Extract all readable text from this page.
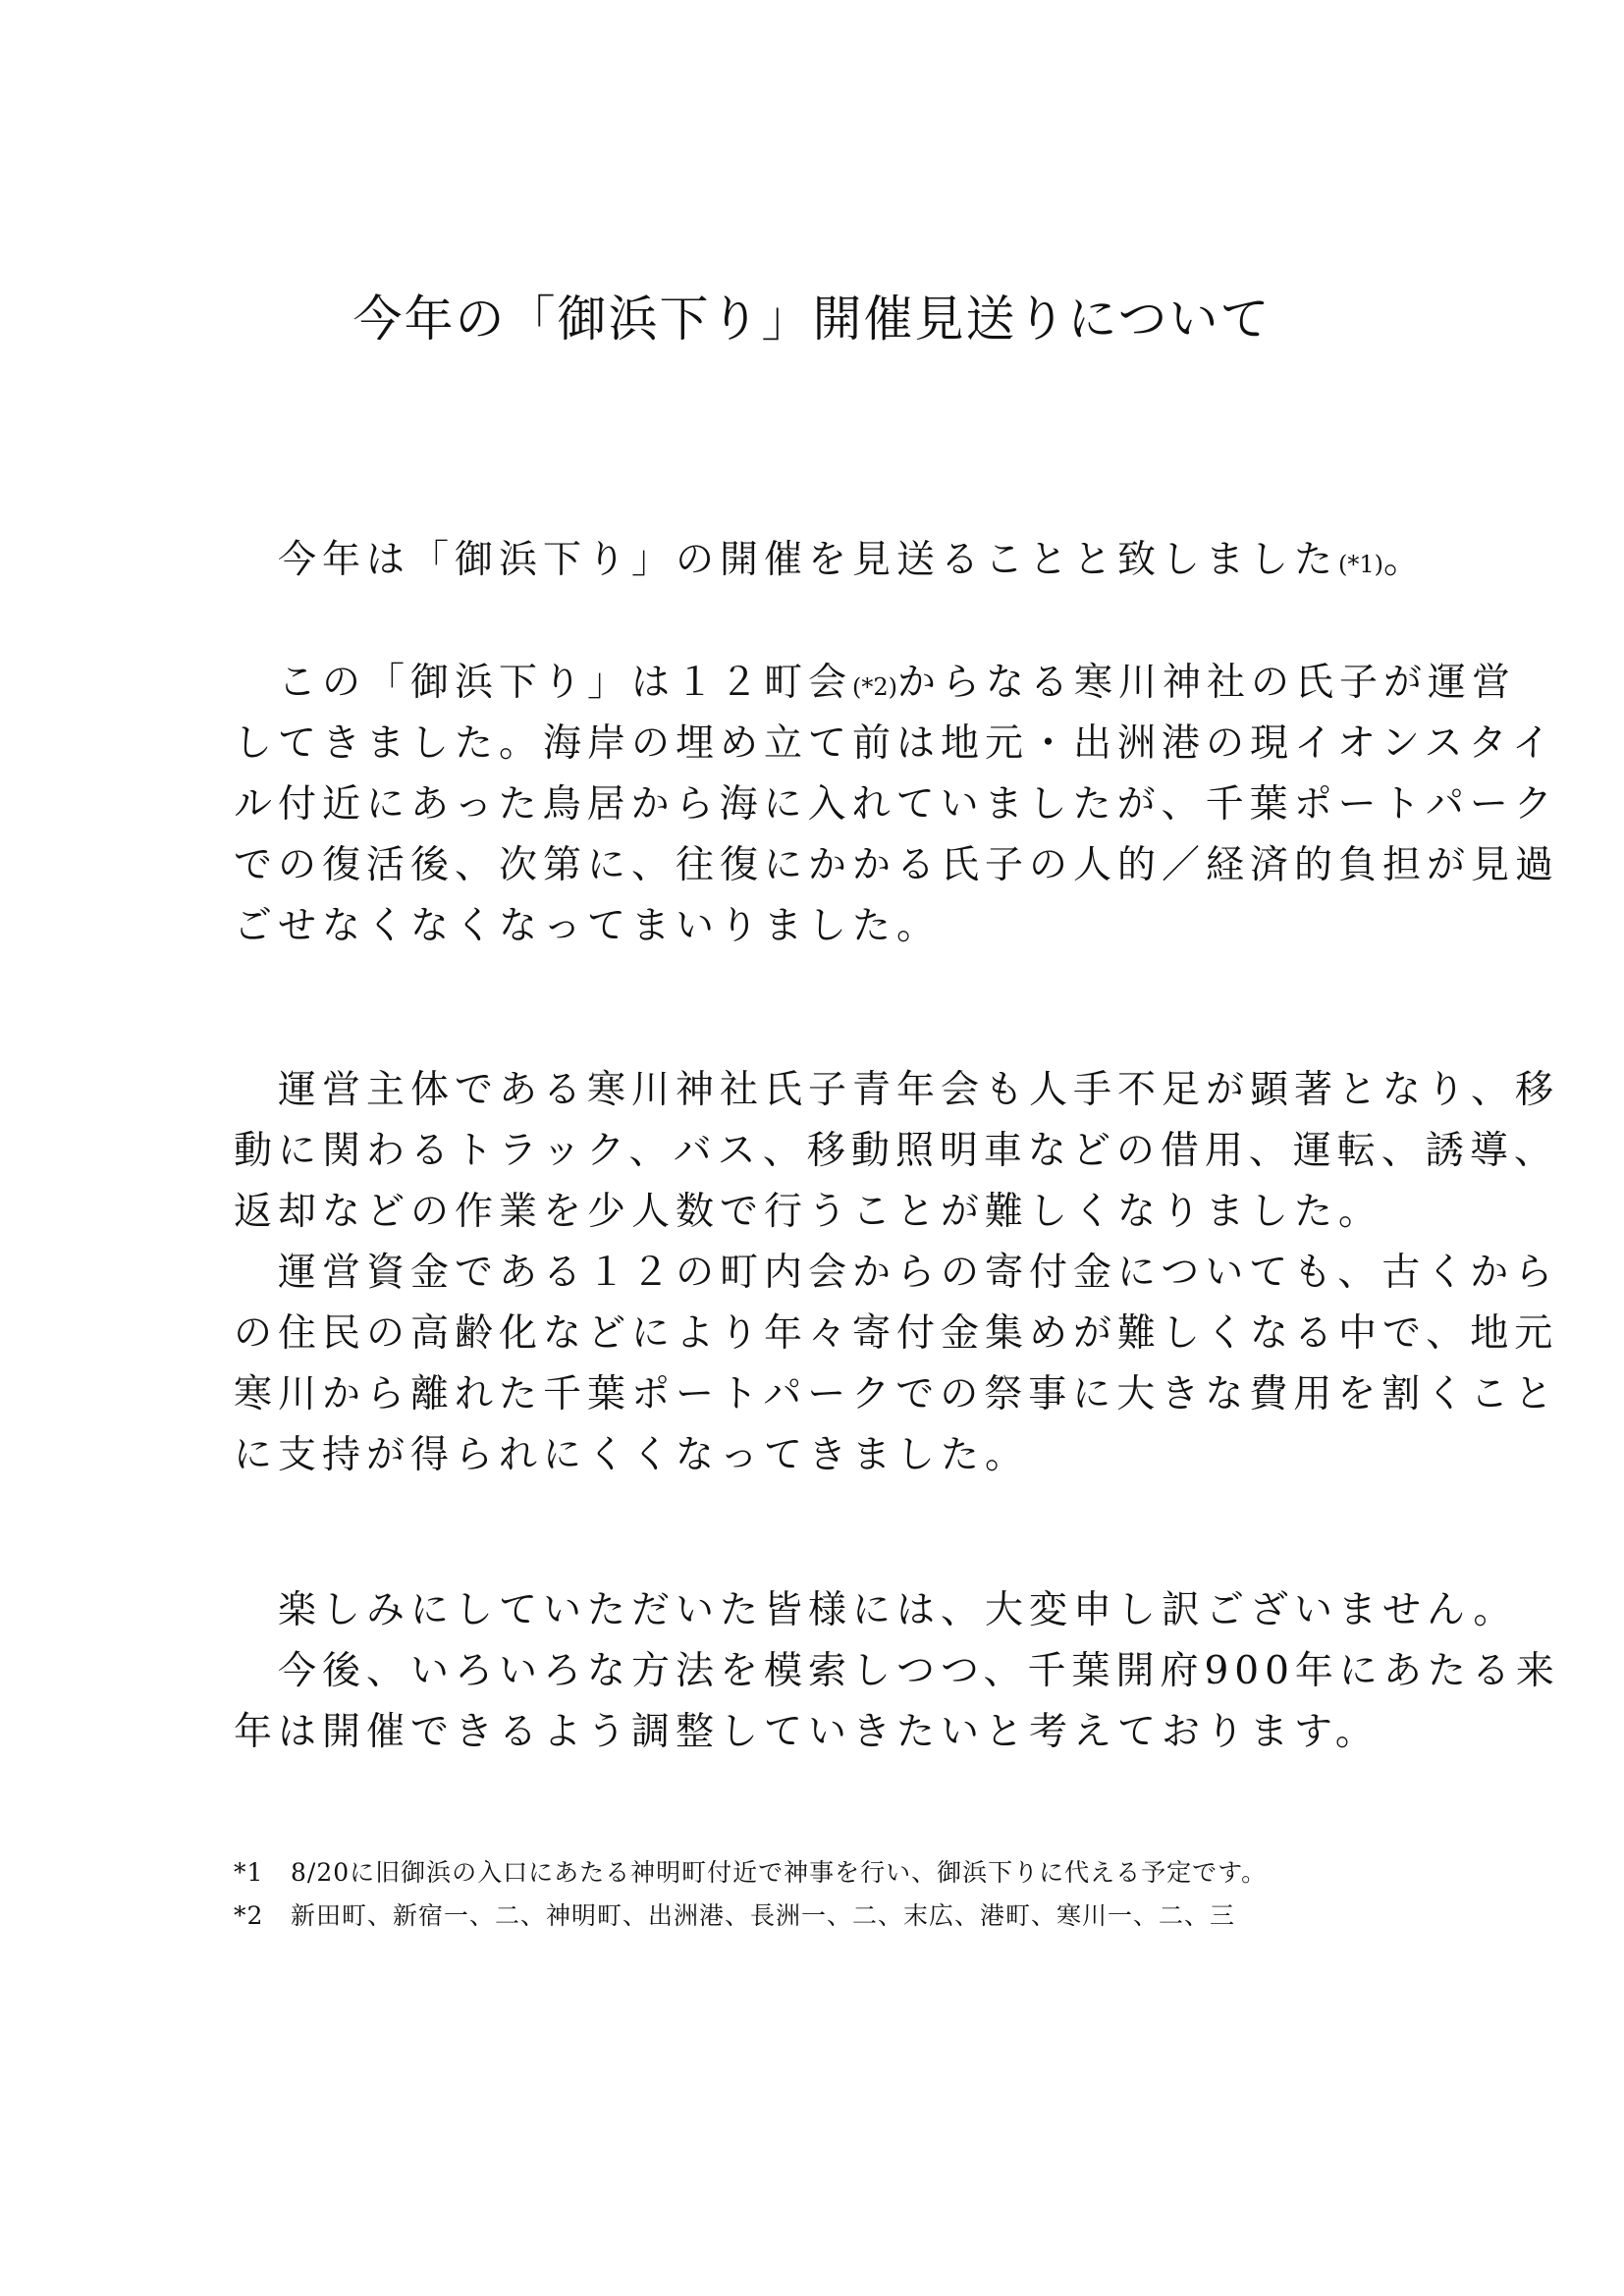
今年の「御浜下り」開催見送りについて
　今年は「御浜下り」の開催を見送ることと致しました(*1)。
　この「御浜下り」は１２町会(*2)からなる寒川神社の氏子が運営
してきました。海岸の埋め立て前は地元・出洲港の現イオンスタイ
ル付近にあった鳥居から海に入れていましたが、千葉ポートパーク
での復活後、次第に、往復にかかる氏子の人的／経済的負担が見過
ごせなくなくなってまいりました。
　運営主体である寒川神社氏子青年会も人手不足が顕著となり、移
動に関わるトラック、バス、移動照明車などの借用、運転、誘導、
返却などの作業を少人数で行うことが難しくなりました。
　運営資金である１２の町内会からの寄付金についても、古くから
の住民の高齢化などにより年々寄付金集めが難しくなる中で、地元
寒川から離れた千葉ポートパークでの祭事に大きな費用を割くこと
に支持が得られにくくなってきました。
　楽しみにしていただいた皆様には、大変申し訳ございません。
　今後、いろいろな方法を模索しつつ、千葉開府900年にあたる来
年は開催できるよう調整していきたいと考えております。
*1 8/20に旧御浜の入口にあたる神明町付近で神事を行い、御浜下りに代える予定です。
*2 新田町、新宿一、二、神明町、出洲港、長洲一、二、末広、港町、寒川一、二、三
